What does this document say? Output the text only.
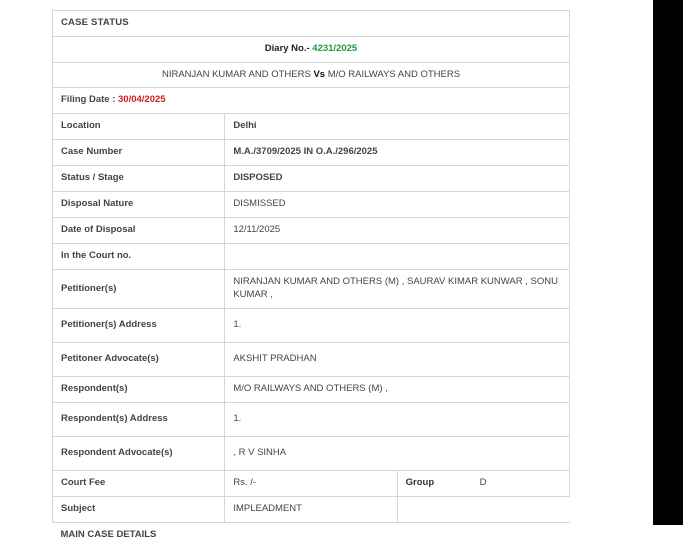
CASE STATUS		
Diary No.- 4231/2025		
NIRANJAN KUMAR AND OTHERS Vs M/O RAILWAYS AND OTHERS		
Filing Date : 30/04/2025		
Location	Delhi	
Case Number	M.A./3709/2025 IN O.A./296/2025	
Status / Stage	DISPOSED	
Disposal Nature	DISMISSED	
Date of Disposal	12/11/2025	
In the Court no.		
Petitioner(s)	NIRANJAN KUMAR AND OTHERS (M) , SAURAV KIMAR KUNWAR , SONU KUMAR ,	
Petitioner(s) Address	1.	
Petitoner Advocate(s)	AKSHIT PRADHAN	
Respondent(s)	M/O RAILWAYS AND OTHERS (M) ,	
Respondent(s) Address	1.	
Respondent Advocate(s)	, R V SINHA	
Court Fee	Rs. /-	Group D
Subject	IMPLEADMENT	
MAIN CASE DETAILS		
